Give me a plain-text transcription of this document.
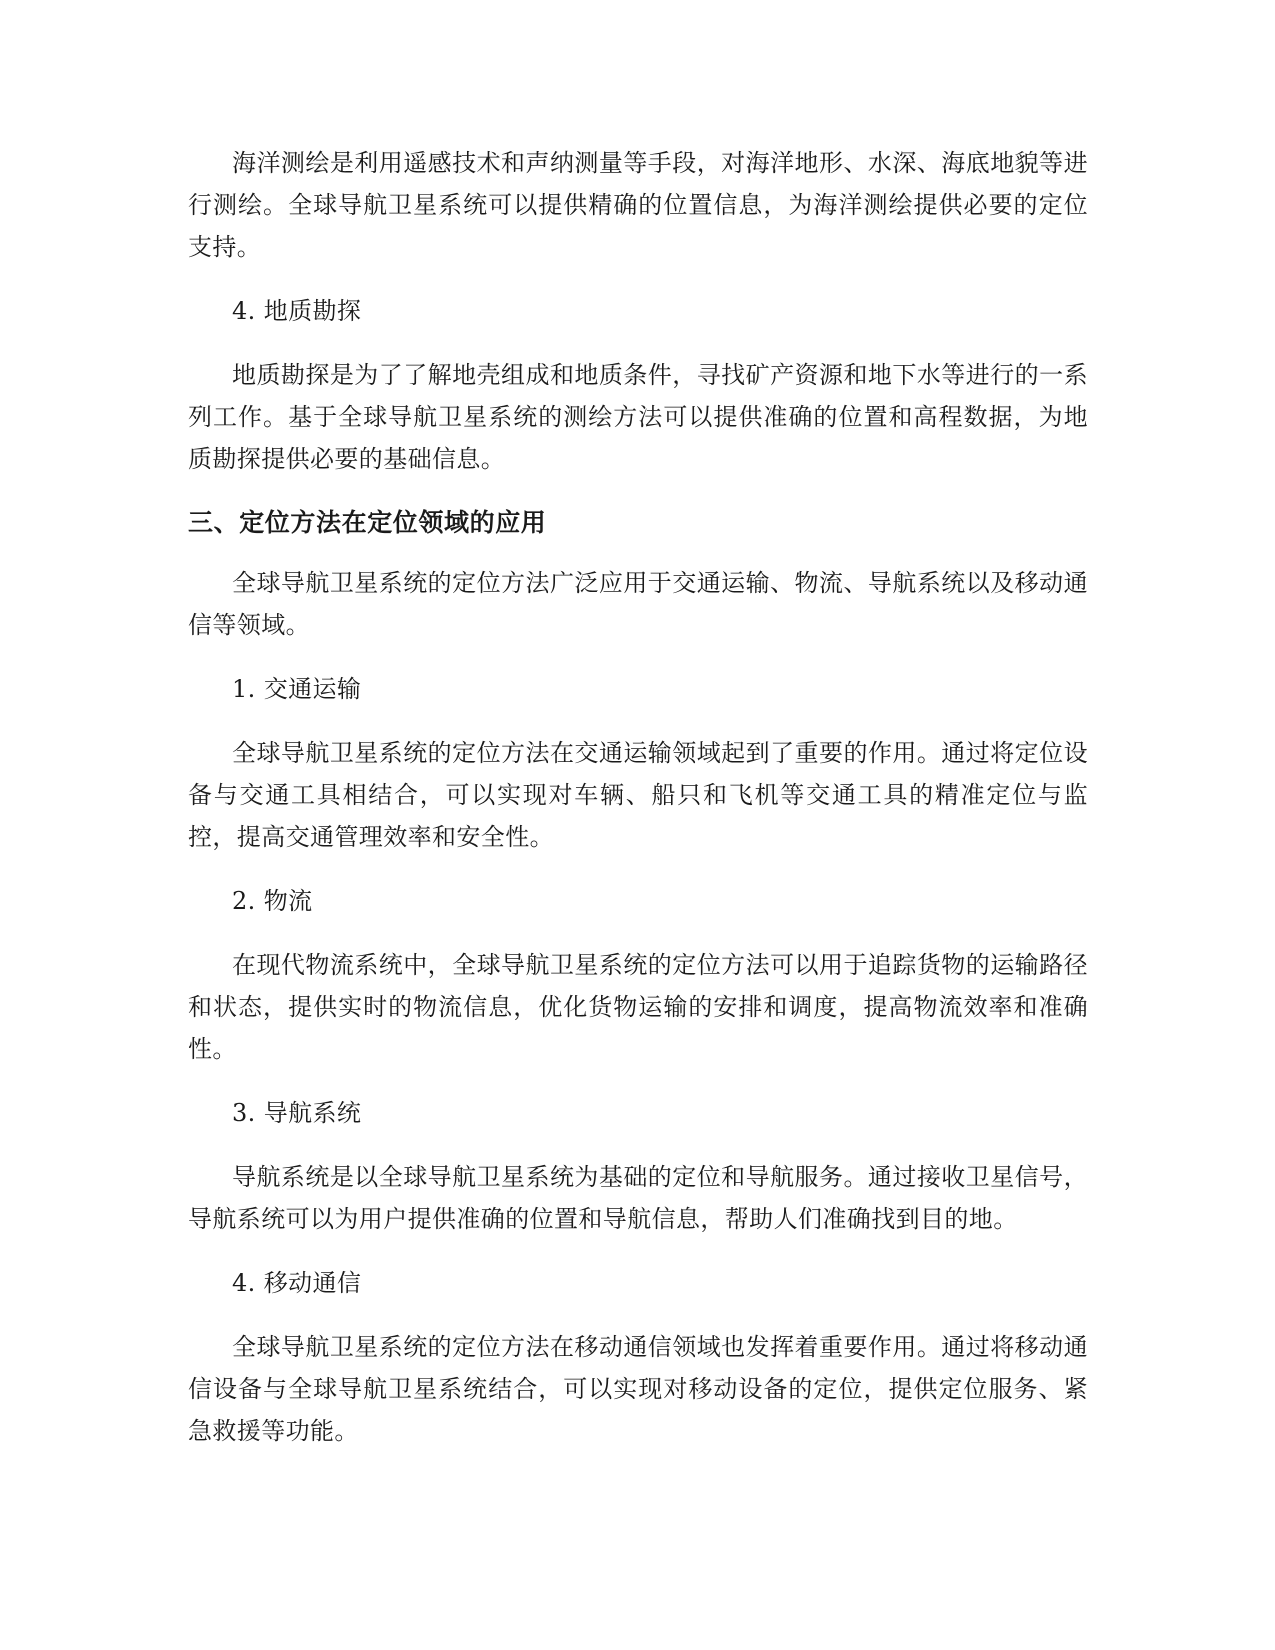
海洋测绘是利用遥感技术和声纳测量等手段，对海洋地形、水深、海底地貌等进行测绘。全球导航卫星系统可以提供精确的位置信息，为海洋测绘提供必要的定位支持。

4. 地质勘探

地质勘探是为了了解地壳组成和地质条件，寻找矿产资源和地下水等进行的一系列工作。基于全球导航卫星系统的测绘方法可以提供准确的位置和高程数据，为地质勘探提供必要的基础信息。

三、定位方法在定位领域的应用

全球导航卫星系统的定位方法广泛应用于交通运输、物流、导航系统以及移动通信等领域。

1. 交通运输

全球导航卫星系统的定位方法在交通运输领域起到了重要的作用。通过将定位设备与交通工具相结合，可以实现对车辆、船只和飞机等交通工具的精准定位与监控，提高交通管理效率和安全性。

2. 物流

在现代物流系统中，全球导航卫星系统的定位方法可以用于追踪货物的运输路径和状态，提供实时的物流信息，优化货物运输的安排和调度，提高物流效率和准确性。

3. 导航系统

导航系统是以全球导航卫星系统为基础的定位和导航服务。通过接收卫星信号，导航系统可以为用户提供准确的位置和导航信息，帮助人们准确找到目的地。

4. 移动通信

全球导航卫星系统的定位方法在移动通信领域也发挥着重要作用。通过将移动通信设备与全球导航卫星系统结合，可以实现对移动设备的定位，提供定位服务、紧急救援等功能。
